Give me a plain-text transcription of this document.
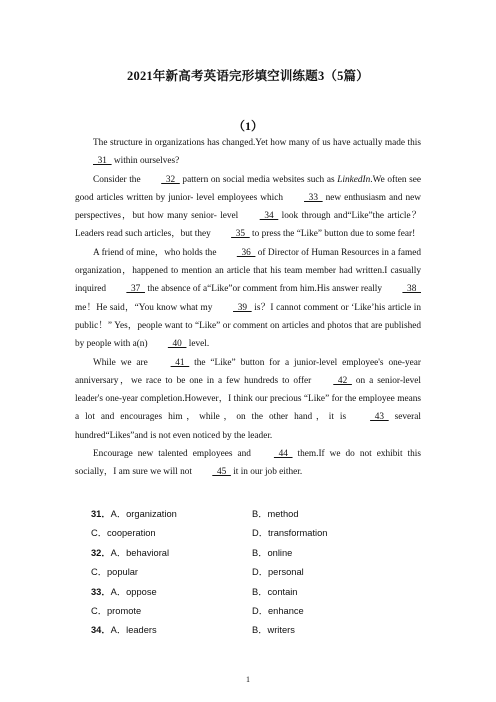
2021年新高考英语完形填空训练题3（5篇）
（1）

The structure in organizations has changed.Yet how many of us have actually made this   31   within ourselves?

Consider the   32   pattern on social media websites such as LinkedIn.We often see good articles written by junior- level employees which   33   new enthusiasm and new perspectives，but how many senior- level   34   look through and“Like”the article？ Leaders read such articles，but they   35   to press the “Like” button due to some fear!

A friend of mine，who holds the   36   of Director of Human Resources in a famed organization，happened to mention an article that his team member had written.I casually inquired   37   the absence of a“Like”or comment from him.His answer really   38   me！He said，“You know what my   39   is？I cannot comment or ‘Like’his article in public！” Yes，people want to “Like” or comment on articles and photos that are published by people with a(n)   40   level.

While we are   41   the “Like” button for a junior-level employee's one-year anniversary，we race to be one in a few hundreds to offer   42   on a senior-level leader's one-year completion.However，I think our precious “Like” for the employee means a lot and encourages him，while，on the other hand，it is   43   several hundred“Likes”and is not even noticed by the leader.

Encourage new talented employees and   44   them.If we do not exhibit this socially，I am sure we will not   45   it in our job either.

31．A．organization	B．method
C．cooperation	D．transformation
32．A．behavioral	B．online
C．popular	D．personal
33．A．oppose	B．contain
C．promote	D．enhance
34．A．leaders	B．writers
1
